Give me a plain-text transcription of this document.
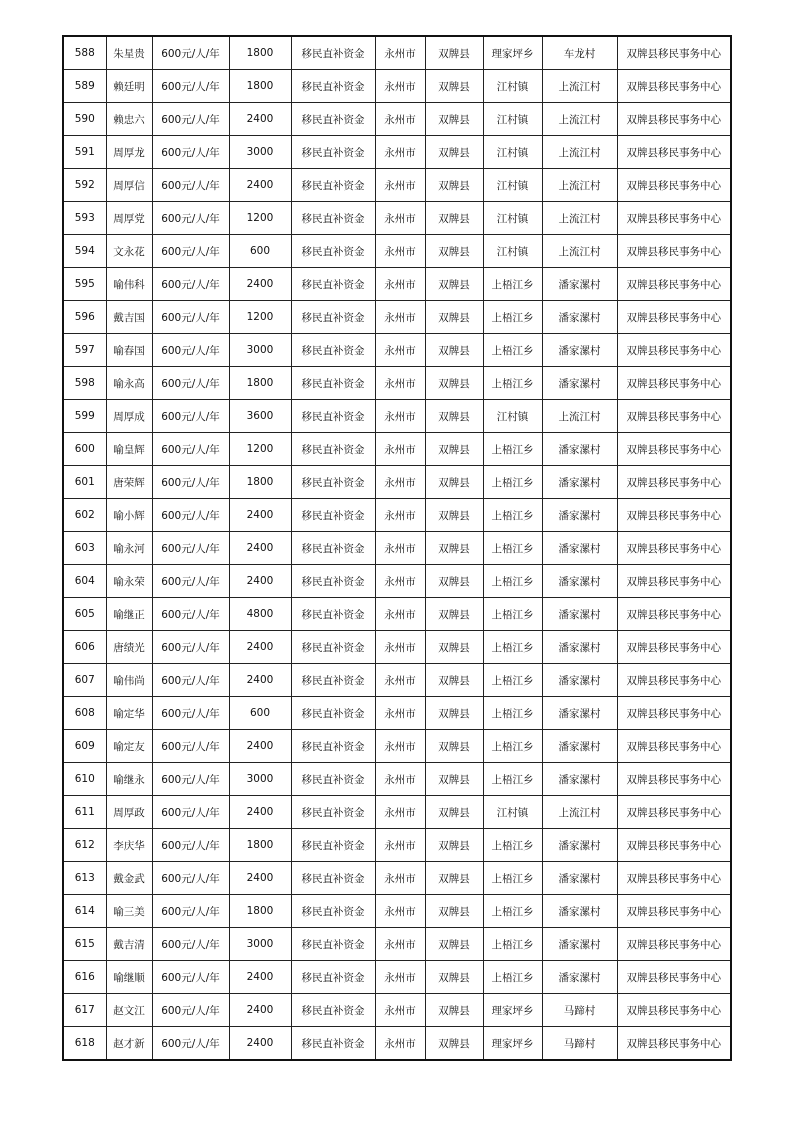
588	朱星贵	600元/人/年	1800	移民直补资金	永州市	双牌县	理家坪乡	车龙村	双牌县移民事务中心
589	赖廷明	600元/人/年	1800	移民直补资金	永州市	双牌县	江村镇	上流江村	双牌县移民事务中心
590	赖忠六	600元/人/年	2400	移民直补资金	永州市	双牌县	江村镇	上流江村	双牌县移民事务中心
591	周厚龙	600元/人/年	3000	移民直补资金	永州市	双牌县	江村镇	上流江村	双牌县移民事务中心
592	周厚信	600元/人/年	2400	移民直补资金	永州市	双牌县	江村镇	上流江村	双牌县移民事务中心
593	周厚党	600元/人/年	1200	移民直补资金	永州市	双牌县	江村镇	上流江村	双牌县移民事务中心
594	文永花	600元/人/年	600	移民直补资金	永州市	双牌县	江村镇	上流江村	双牌县移民事务中心
595	喻伟科	600元/人/年	2400	移民直补资金	永州市	双牌县	上梧江乡	潘家漯村	双牌县移民事务中心
596	戴吉国	600元/人/年	1200	移民直补资金	永州市	双牌县	上梧江乡	潘家漯村	双牌县移民事务中心
597	喻春国	600元/人/年	3000	移民直补资金	永州市	双牌县	上梧江乡	潘家漯村	双牌县移民事务中心
598	喻永高	600元/人/年	1800	移民直补资金	永州市	双牌县	上梧江乡	潘家漯村	双牌县移民事务中心
599	周厚成	600元/人/年	3600	移民直补资金	永州市	双牌县	江村镇	上流江村	双牌县移民事务中心
600	喻皇辉	600元/人/年	1200	移民直补资金	永州市	双牌县	上梧江乡	潘家漯村	双牌县移民事务中心
601	唐荣辉	600元/人/年	1800	移民直补资金	永州市	双牌县	上梧江乡	潘家漯村	双牌县移民事务中心
602	喻小辉	600元/人/年	2400	移民直补资金	永州市	双牌县	上梧江乡	潘家漯村	双牌县移民事务中心
603	喻永河	600元/人/年	2400	移民直补资金	永州市	双牌县	上梧江乡	潘家漯村	双牌县移民事务中心
604	喻永荣	600元/人/年	2400	移民直补资金	永州市	双牌县	上梧江乡	潘家漯村	双牌县移民事务中心
605	喻继正	600元/人/年	4800	移民直补资金	永州市	双牌县	上梧江乡	潘家漯村	双牌县移民事务中心
606	唐绩光	600元/人/年	2400	移民直补资金	永州市	双牌县	上梧江乡	潘家漯村	双牌县移民事务中心
607	喻伟尚	600元/人/年	2400	移民直补资金	永州市	双牌县	上梧江乡	潘家漯村	双牌县移民事务中心
608	喻定华	600元/人/年	600	移民直补资金	永州市	双牌县	上梧江乡	潘家漯村	双牌县移民事务中心
609	喻定友	600元/人/年	2400	移民直补资金	永州市	双牌县	上梧江乡	潘家漯村	双牌县移民事务中心
610	喻继永	600元/人/年	3000	移民直补资金	永州市	双牌县	上梧江乡	潘家漯村	双牌县移民事务中心
611	周厚政	600元/人/年	2400	移民直补资金	永州市	双牌县	江村镇	上流江村	双牌县移民事务中心
612	李庆华	600元/人/年	1800	移民直补资金	永州市	双牌县	上梧江乡	潘家漯村	双牌县移民事务中心
613	戴金武	600元/人/年	2400	移民直补资金	永州市	双牌县	上梧江乡	潘家漯村	双牌县移民事务中心
614	喻三美	600元/人/年	1800	移民直补资金	永州市	双牌县	上梧江乡	潘家漯村	双牌县移民事务中心
615	戴吉清	600元/人/年	3000	移民直补资金	永州市	双牌县	上梧江乡	潘家漯村	双牌县移民事务中心
616	喻继顺	600元/人/年	2400	移民直补资金	永州市	双牌县	上梧江乡	潘家漯村	双牌县移民事务中心
617	赵文江	600元/人/年	2400	移民直补资金	永州市	双牌县	理家坪乡	马蹄村	双牌县移民事务中心
618	赵才新	600元/人/年	2400	移民直补资金	永州市	双牌县	理家坪乡	马蹄村	双牌县移民事务中心
